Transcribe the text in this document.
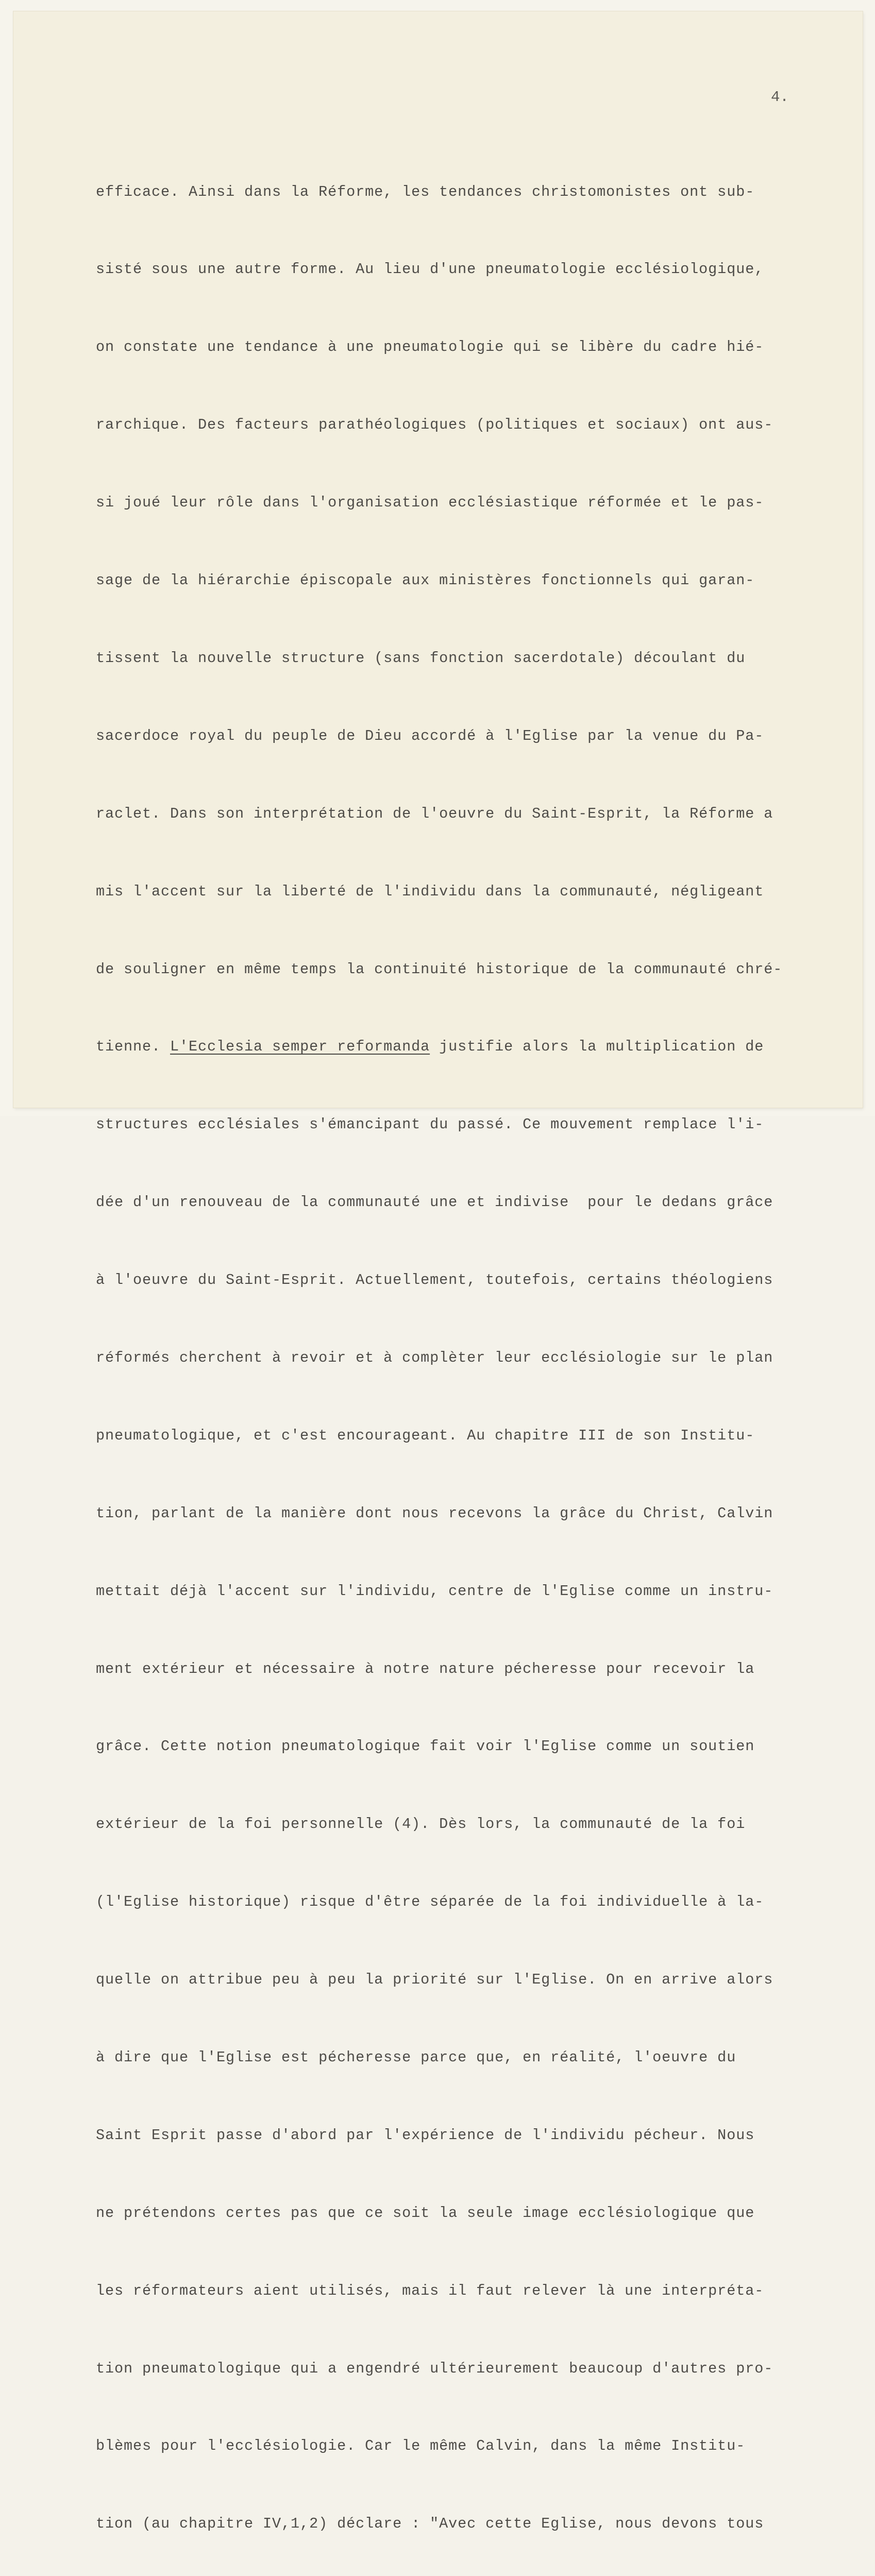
4.

efficace. Ainsi dans la Réforme, les tendances christomonistes ont sub-

sisté sous une autre forme. Au lieu d'une pneumatologie ecclésiologique,

on constate une tendance à une pneumatologie qui se libère du cadre hié-

rarchique. Des facteurs parathéologiques (politiques et sociaux) ont aus-

si joué leur rôle dans l'organisation ecclésiastique réformée et le pas-

sage de la hiérarchie épiscopale aux ministères fonctionnels qui garan-

tissent la nouvelle structure (sans fonction sacerdotale) découlant du

sacerdoce royal du peuple de Dieu accordé à l'Eglise par la venue du Pa-

raclet. Dans son interprétation de l'oeuvre du Saint-Esprit, la Réforme a

mis l'accent sur la liberté de l'individu dans la communauté, négligeant

de souligner en même temps la continuité historique de la communauté chré-

tienne. L'Ecclesia semper reformanda justifie alors la multiplication de

structures ecclésiales s'émancipant du passé. Ce mouvement remplace l'i-

dée d'un renouveau de la communauté une et indivise  pour le dedans grâce

à l'oeuvre du Saint-Esprit. Actuellement, toutefois, certains théologiens

réformés cherchent à revoir et à complèter leur ecclésiologie sur le plan

pneumatologique, et c'est encourageant. Au chapitre III de son Institu-

tion, parlant de la manière dont nous recevons la grâce du Christ, Calvin

mettait déjà l'accent sur l'individu, centre de l'Eglise comme un instru-

ment extérieur et nécessaire à notre nature pécheresse pour recevoir la

grâce. Cette notion pneumatologique fait voir l'Eglise comme un soutien

extérieur de la foi personnelle (4). Dès lors, la communauté de la foi

(l'Eglise historique) risque d'être séparée de la foi individuelle à la-

quelle on attribue peu à peu la priorité sur l'Eglise. On en arrive alors

à dire que l'Eglise est pécheresse parce que, en réalité, l'oeuvre du

Saint Esprit passe d'abord par l'expérience de l'individu pécheur. Nous

ne prétendons certes pas que ce soit la seule image ecclésiologique que

les réformateurs aient utilisés, mais il faut relever là une interpréta-

tion pneumatologique qui a engendré ultérieurement beaucoup d'autres pro-

blèmes pour l'ecclésiologie. Car le même Calvin, dans la même Institu-

tion (au chapitre IV,1,2) déclare : "Avec cette Eglise, nous devons tous
